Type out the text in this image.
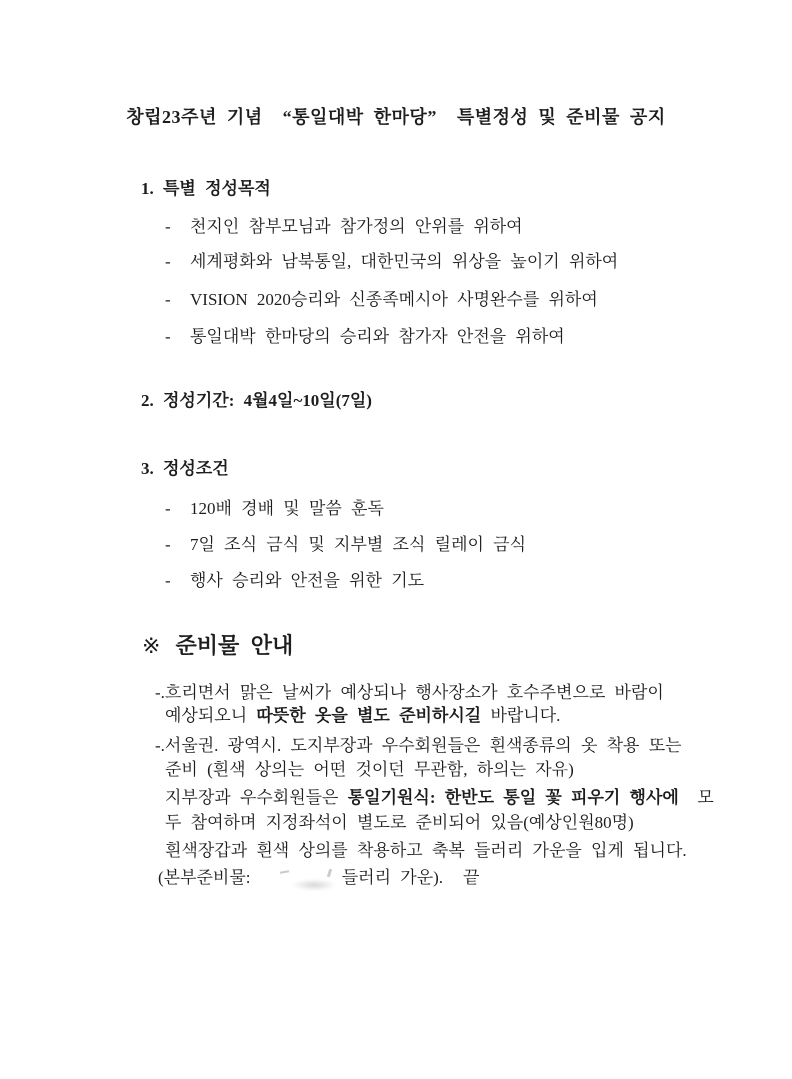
창립23주년 기념  “통일대박 한마당”  특별정성 및 준비물 공지
1. 특별 정성목적
- 천지인 참부모님과 참가정의 안위를 위하여
- 세계평화와 남북통일, 대한민국의 위상을 높이기 위하여
- VISION 2020승리와 신종족메시아 사명완수를 위하여
- 통일대박 한마당의 승리와 참가자 안전을 위하여
2. 정성기간: 4월4일~10일(7일)
3. 정성조건
- 120배 경배 및 말씀 훈독
- 7일 조식 금식 및 지부별 조식 릴레이 금식
- 행사 승리와 안전을 위한 기도
※ 준비물 안내
-.흐리면서 맑은 날씨가 예상되나 행사장소가 호수주변으로 바람이
예상되오니 따뜻한 옷을 별도 준비하시길 바랍니다.
-.서울권. 광역시. 도지부장과 우수회원들은 흰색종류의 옷 착용 또는
준비 (흰색 상의는 어떤 것이던 무관함, 하의는 자유)
지부장과 우수회원들은 통일기원식: 한반도 통일 꽃 피우기 행사에  모
두 참여하며 지정좌석이 별도로 준비되어 있음(예상인원80명)
흰색장갑과 흰색 상의를 착용하고 축복 들러리 가운을 입게 됩니다.
(본부준비물:	들러리 가운). 끝
